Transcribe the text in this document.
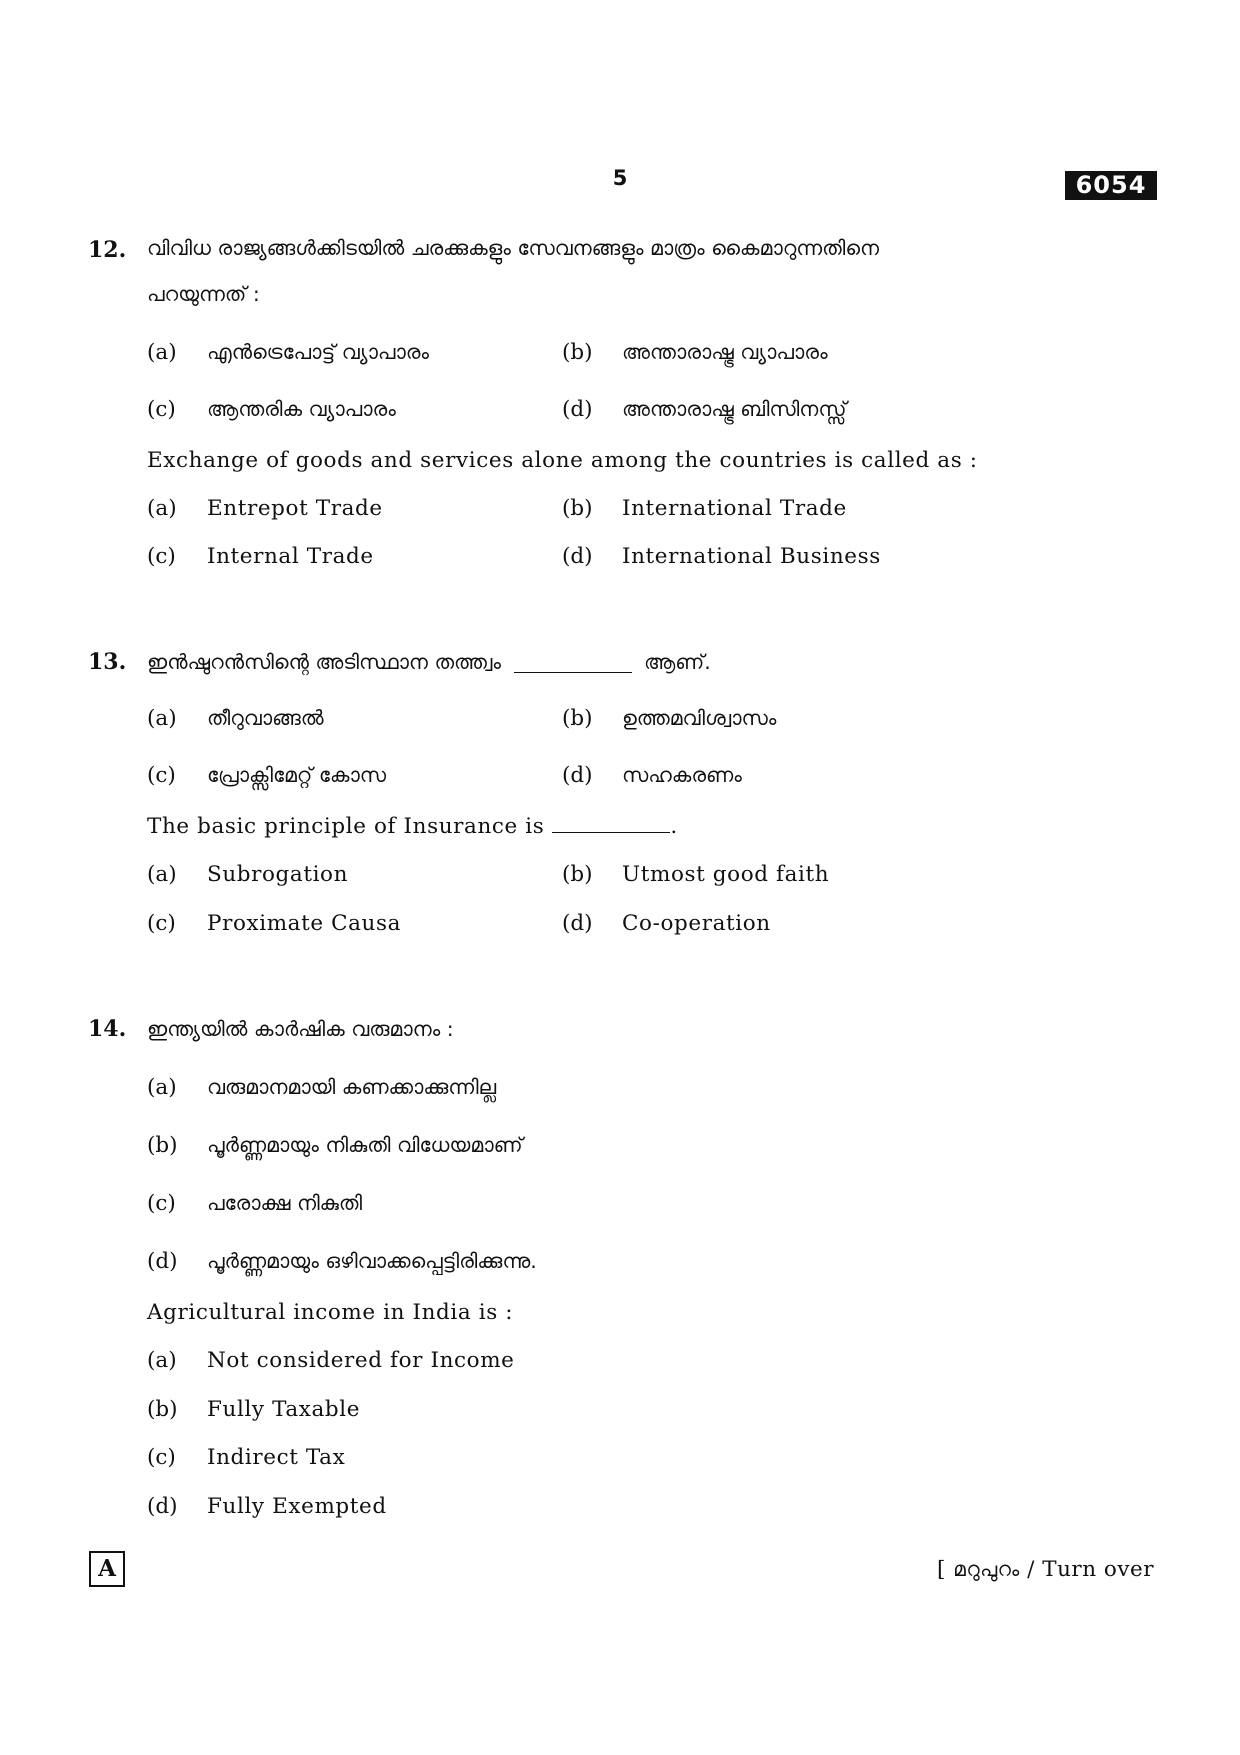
5	6054
12. വിവിധ രാജ്യങ്ങൾക്കിടയിൽ ചരക്കുകളും സേവനങ്ങളും മാത്രം കൈമാറുന്നതിനെ
പറയുന്നത് :
(a) എൻട്രെപോട്ട് വ്യാപാരം	(b) അന്താരാഷ്ട്ര വ്യാപാരം
(c) ആന്തരിക വ്യാപാരം	(d) അന്താരാഷ്ട്ര ബിസിനസ്സ്
Exchange of goods and services alone among the countries is called as :
(a) Entrepot Trade	(b) International Trade
(c) Internal Trade	(d) International Business
13. ഇൻഷുറൻസിന്റെ അടിസ്ഥാന തത്ത്വം	ആണ്.
(a) തീറുവാങ്ങൽ	(b) ഉത്തമവിശ്വാസം
(c) പ്രോക്സിമേറ്റ് കോസ	(d) സഹകരണം
The basic principle of Insurance is	.
(a) Subrogation	(b) Utmost good faith
(c) Proximate Causa	(d) Co-operation
14. ഇന്ത്യയിൽ കാർഷിക വരുമാനം :
(a) വരുമാനമായി കണക്കാക്കുന്നില്ല
(b) പൂർണ്ണമായും നികുതി വിധേയമാണ്
(c) പരോക്ഷ നികുതി
(d) പൂർണ്ണമായും ഒഴിവാക്കപ്പെട്ടിരിക്കുന്നു.
Agricultural income in India is :
(a) Not considered for Income
(b) Fully Taxable
(c) Indirect Tax
(d) Fully Exempted
A	[ മറുപുറം / Turn over
